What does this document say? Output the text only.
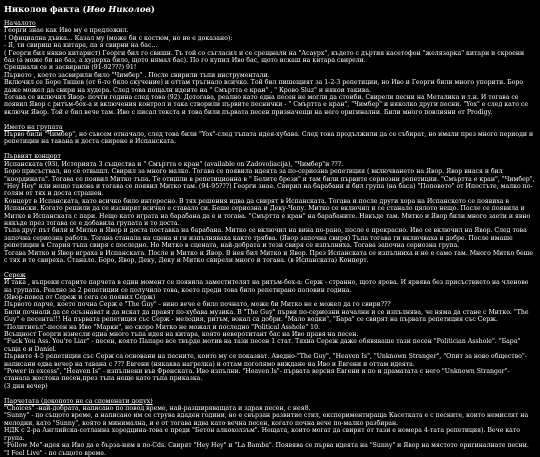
Николов факта (Иво Николов)

Началото

Георги знае как Иво му е предложил.

! Официална дъвка... Казал му (може би с костюм, но не е доказано):

- Я, ти свириш на китара, па я свирни на бас...

( Георги бил някво китарист) Георги бил го свиши. Тъ той со съгласил и се срещнали на "Асаурх", където с дъртия касетофон "желязарка" китари и скроени баз (а може би не баз, а худерха било, щото нямал бас). По го купил Иво бас, щото искаш на китара свирели.

Срещнали се и засвирили (91-92???) 91!

Първото , което засвирили било "Чимбер" . После свирили тъпи инструментали.

Включил се Боро Тишев (от 6-то бяло скучение) и оттам тръгнало всичко. Той бил пишещият за 1-2-3 репетиции, но Иво и Георги били много упорити. Боро даже можел да свири на худера. След това пощали идеите на " Смъртта е кран" , " Крово Sluz" и някои такива.

Тогава се включил Явор- почти година след това (92). Дотогава, реално като една песен не могли да стоиби. Свирели песни на Металика и т.н. И тогава се появил Явор с ритъм-бох-а и включения контрол и така створили първите песнички - " Смъртта е кран", "Чимбер" и няколко други песни. "Yox" е след като се включи Явор. Той е бил вече там. Иво с писал текста и това били първата песен призначещи на него оригинални. Били много повлияни от Prodigy.

Името на групата

Първо били "Чимбер", но съвсем отначало, след това били "Yox"-след тъпата идея-хубава. След това продължили да се събират, но имали през много периоди и репетиции на тавана и доста свирене в Испанската.

Първият концерт

Испанската (93). Истерията 3 същества и " Смъртта е кран" (available on Zadovoliacija), "Чимбер"и ???.

Боро присъствал, но се отвышл. Свирил за много малко. Тогава се появила идеята за по-сериозна репетиция ( включването на Явор. Явор внася и бил "координата". Тогава се появил Митко тъпа. Те отишли в репетиционна в " Белите брези" и там били първите сериозни репетиции. "Смъртта е кран", "Чимбер", "Hey Hey" или нещо такова и тогава се появил Митко там. (94-95???) Георги знае. Свирил на барабани и бил група (на баса) "Поповото" от Ипостъте, малко по-голям от тях и доста страшен.

Концерт в Испанската, като всичко било интересно. В тях решения идва да свирят в Испанската. Тогава и после други хора на Испанското се появиха в Испански. Когато решили да се изсвирят всичко е ставало си. Беше сериозна и Деку-Чепу. Митко се включил и се станало цялото нещо. После се появила и Митко в Испанската с пари. Нещо като играта на барабана да е и тогава. "Смъртта е кран" на барабаните. Някъде там. Митко и Явор били много заети и явно някъде през тогава се е добавила групата и то доста.

Тъпа друг път били и Митко и Явор и доста поставка на барабана. Митко се включил на вина по-рано, после е прекрасно. Иво се включил на Явор. След това започна сериозна работа. Тогава станала на сцена и ги изпълняваха както трябва. (Явор започна свиря) Тъпа тогава ги включваха и добре. После имаше репетиции в Стария тъпа свиря с последно. Но Митко в сцената, най-добрата и тези свиря се изпълниха. Тогава започна сериозна група.

Тогава Митко и Явор играха в Испанската. После и Митко и Явор. В нея бил Митко и Явор. През Испанската се изпълниха и не е само там. Много Митко беше с тях и те свиреха. Станало. Боро, Явор, Деку, Деку и Митко свирели много и тогава. (в Испанската) Концерт.

Сереж

И така , въпреки старите парчета в един момент се появила заместителят на ритъм-бох-а: Серж - странно, щото ярова. И ярвява без присъствието на членове на групата. Реално за 2 репетиции се получило това, което преди това било репетирано половин година.

(Явор-повод от Сереж и сега се появил Серж)

Първото парче, което почна Серж е "The Guy" - вино вече е било почнато, може би Митко не е можел да го свири???

Били почнали да се осъзнават и да искат да правят по-хубава музика. В "The Guy" първи по-сериозни начални и се изпълнява, че няма да стане с Митко. "The Guy" е песента!!! На първата репетиция със Серж - мелодия, ритъм, вокал са добри. "Мало водки", "Бара" се свирят на първата репетиция със Серж. "Политиеъл"-песен на Иво "Марки", но скоро Митко не можал и последно "Political Asshole" 10.

Всъщност Георги изнесли една много тъпа идея на китара, която неверотитант бас на Иво правя на песен.

"Fuck You Ass. You're Liar" - песен, която Папаро все твърде мотив на тази песен 1 стат. Тяхна Сереж даже обявяваше тази песен "Politician Asshole". "Бара" съща е и Daniel.

Първите 4-5 репетиции със Серж са основани на песните, които му се показват. Аведно-"The Guy", "Heaven Is", "Unknown Stranger", "Опит за ново общество"- написани едва вечер на тавана с ??? Евгени (някаква нагрелка) и оттам поголямо виждане на Иво и Евгени и оттам идеята.

"Power in excess", "Heaven Is" - изпълнени във Френската. Иво изпълни. "Heaven Is"- първата версия Евгени и по и драматата с него "Unknown Stranger"- станала жестока песен,през тъпа неще като тъпа приказка.

(3 дни вечер)

Парчетата (докопото не са споменати допух)

"Choices" -най-добрата, написано по повод време, най-разширяващата и здрав песен, с нея8.

"Sunny" - по същото време, а написано им се струва вдаден години, но е свързан развитие стил, експериментираща Касетката е с песните, които немислят на мелодии, като "Sunny", която в минимална, и е от тогава идва като вечна песен, когато почна вече по-малко разбиран.

НДК с 2-ра Английска-сотлаина хородцина-това е преди "Бетон алкохолзъм". Нещата, които могат да свирят от тази е номера 4-тата репетиция). Вече като група.

"Follow Me"-идея на Иво да е бърза-ням в по-Сds. Свирят "Hey Hey" и "La Bamba". Появява се първа идеята на "Sunny" и Явор на мястото оригиналнате песни.

"I Feel Live" - по същото време.
